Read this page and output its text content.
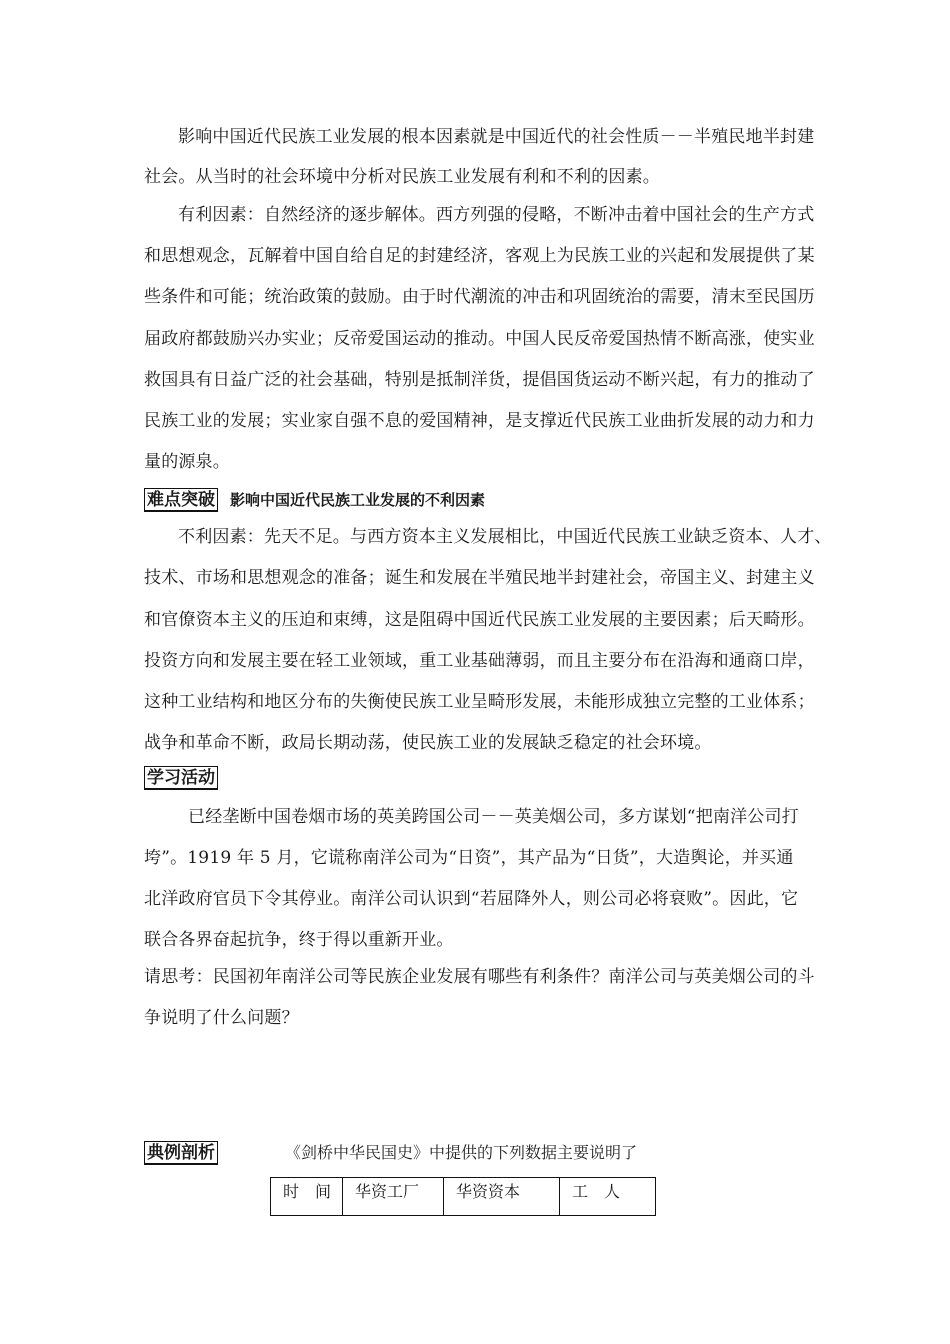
影响中国近代民族工业发展的根本因素就是中国近代的社会性质－－半殖民地半封建
社会。从当时的社会环境中分析对民族工业发展有利和不利的因素。
有利因素：自然经济的逐步解体。西方列强的侵略，不断冲击着中国社会的生产方式
和思想观念，瓦解着中国自给自足的封建经济，客观上为民族工业的兴起和发展提供了某
些条件和可能；统治政策的鼓励。由于时代潮流的冲击和巩固统治的需要，清末至民国历
届政府都鼓励兴办实业；反帝爱国运动的推动。中国人民反帝爱国热情不断高涨，使实业
救国具有日益广泛的社会基础，特别是抵制洋货，提倡国货运动不断兴起，有力的推动了
民族工业的发展；实业家自强不息的爱国精神，是支撑近代民族工业曲折发展的动力和力
量的源泉。
难点突破 影响中国近代民族工业发展的不利因素
不利因素：先天不足。与西方资本主义发展相比，中国近代民族工业缺乏资本、人才、
技术、市场和思想观念的准备；诞生和发展在半殖民地半封建社会，帝国主义、封建主义
和官僚资本主义的压迫和束缚，这是阻碍中国近代民族工业发展的主要因素；后天畸形。
投资方向和发展主要在轻工业领域，重工业基础薄弱，而且主要分布在沿海和通商口岸，
这种工业结构和地区分布的失衡使民族工业呈畸形发展，未能形成独立完整的工业体系；
战争和革命不断，政局长期动荡，使民族工业的发展缺乏稳定的社会环境。
学习活动
已经垄断中国卷烟市场的英美跨国公司－－英美烟公司，多方谋划“把南洋公司打
垮”。1919 年 5 月，它谎称南洋公司为“日资”，其产品为“日货”，大造舆论，并买通
北洋政府官员下令其停业。南洋公司认识到“若屈降外人，则公司必将衰败”。因此，它
联合各界奋起抗争，终于得以重新开业。
请思考：民国初年南洋公司等民族企业发展有哪些有利条件？南洋公司与英美烟公司的斗
争说明了什么问题？
典例剖析	《剑桥中华民国史》中提供的下列数据主要说明了
时　间	华资工厂	华资资本	工　人
